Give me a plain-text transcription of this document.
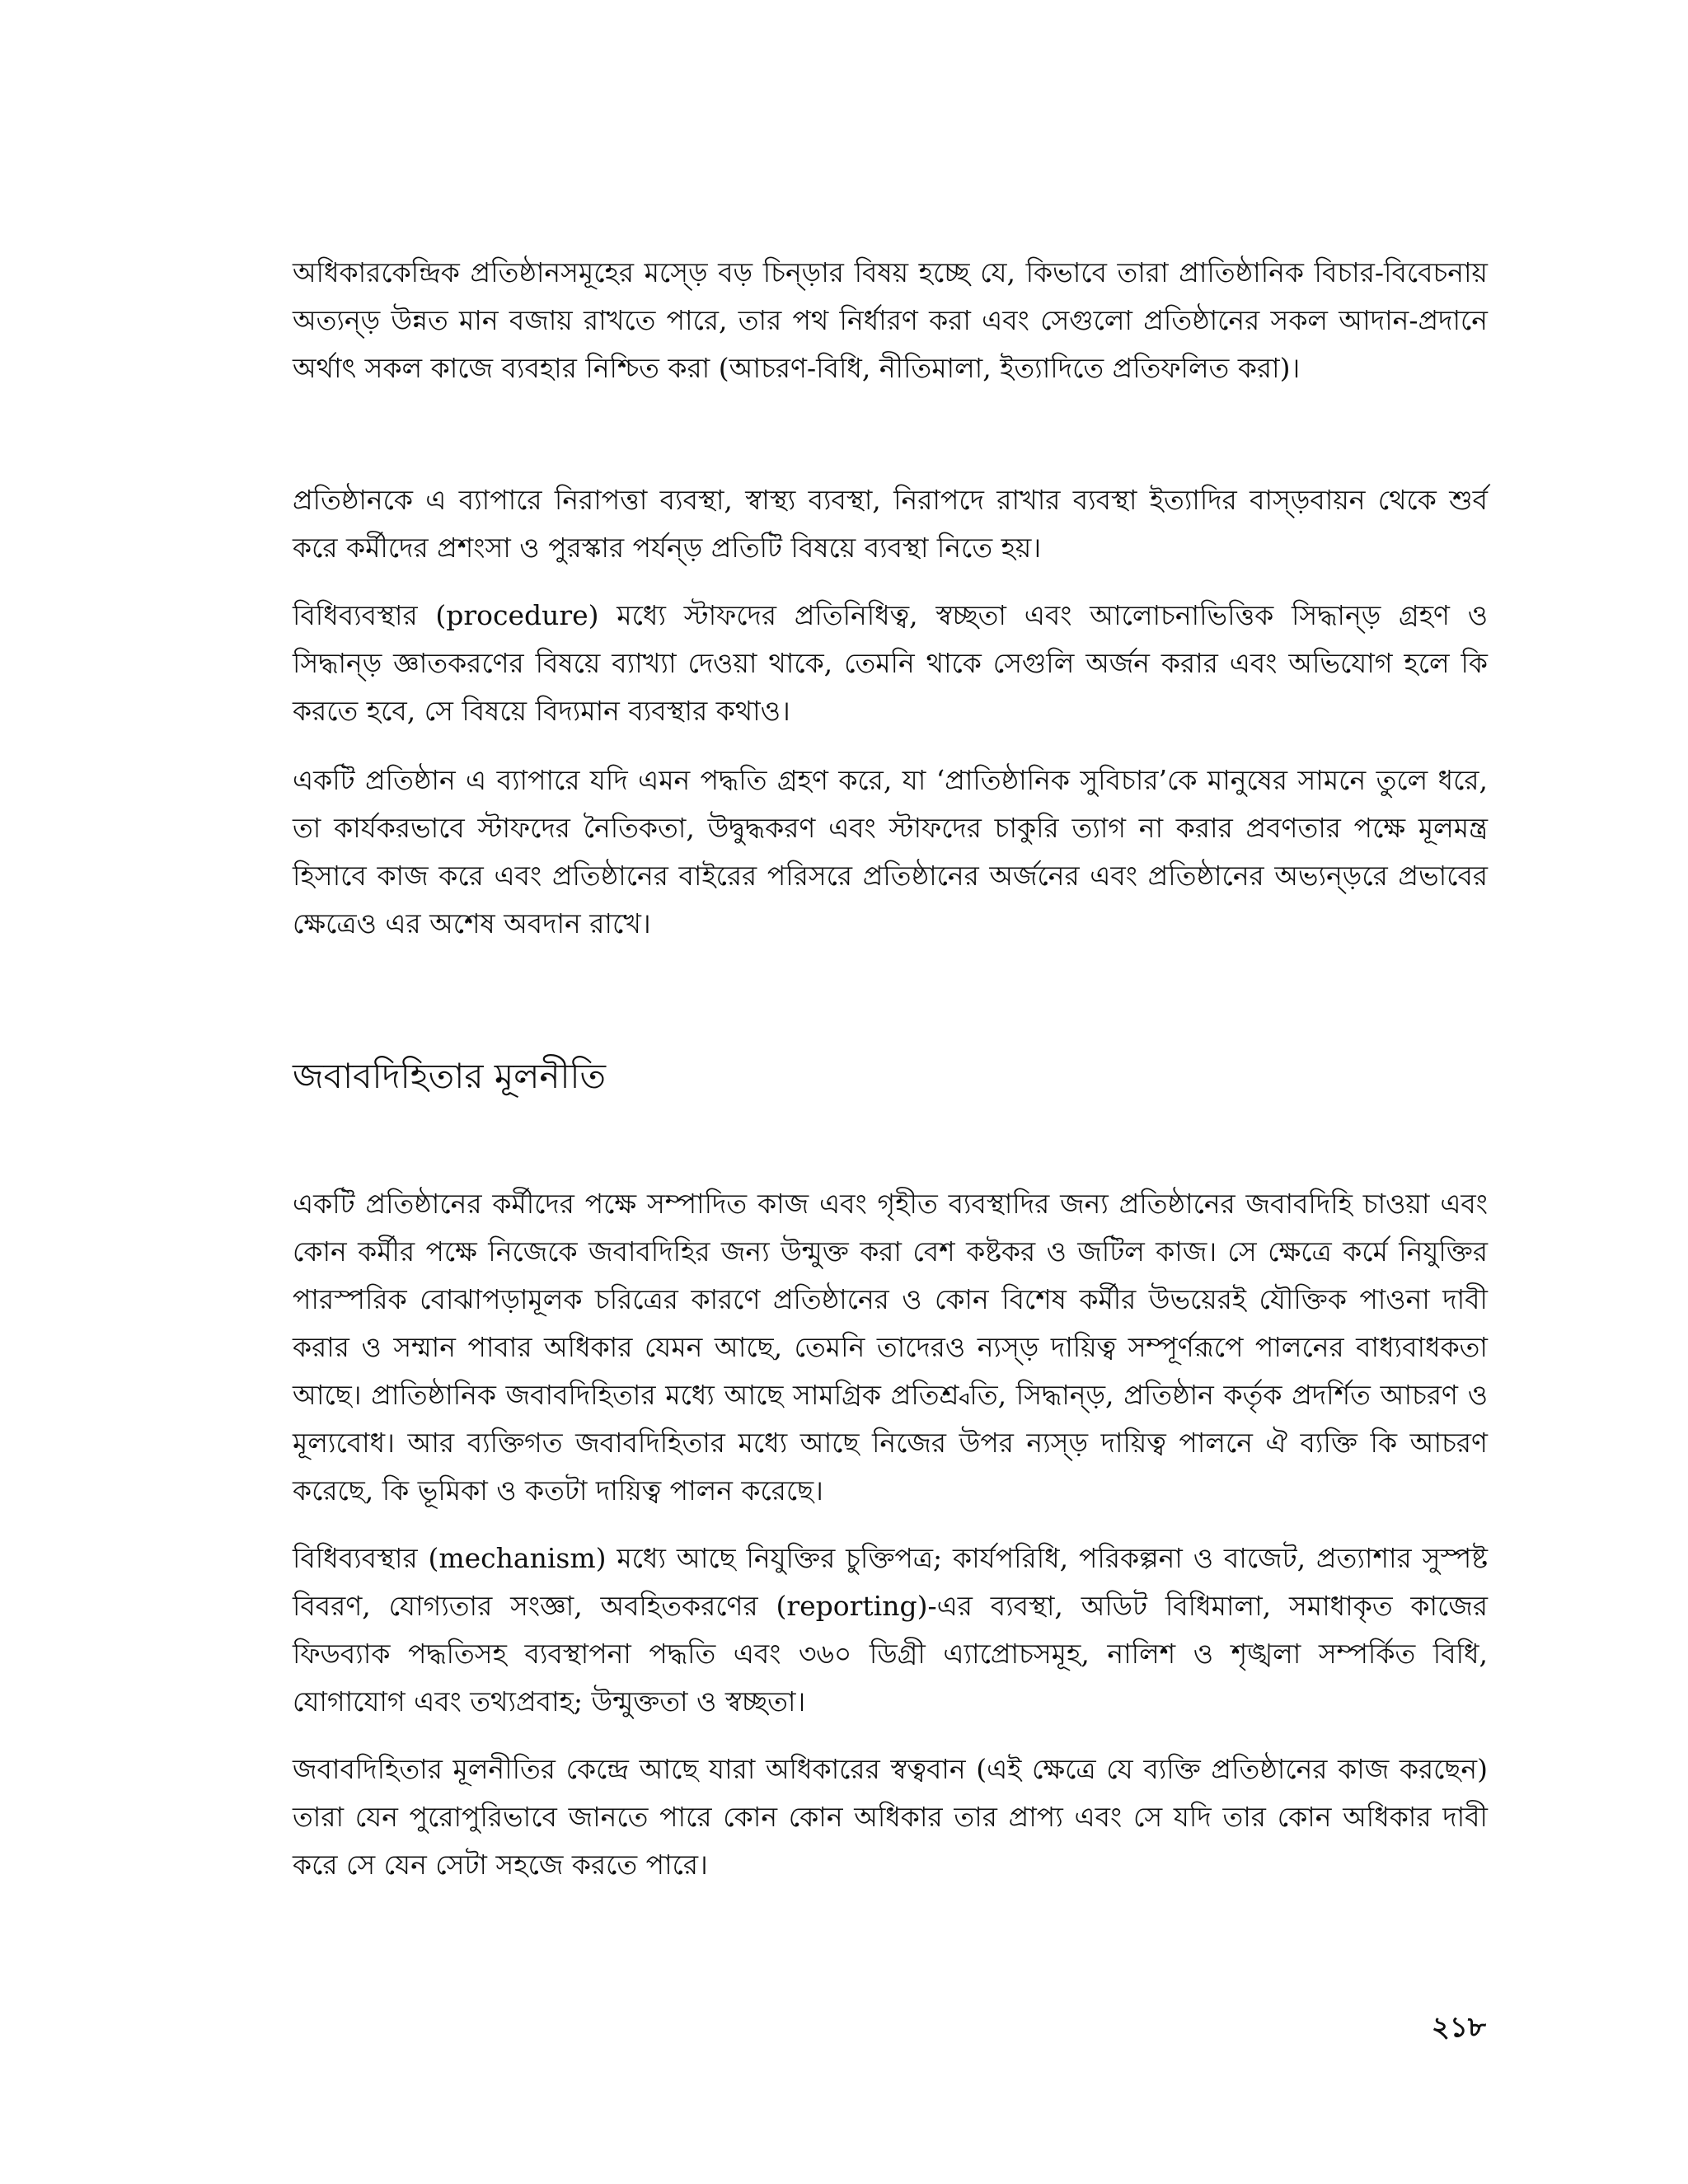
অধিকারকেন্দ্রিক প্রতিষ্ঠানসমূহের মস্ড়ে বড় চিন্ড়ার বিষয় হচ্ছে যে, কিভাবে তারা প্রাতিষ্ঠানিক বিচার-বিবেচনায় অত্যন্ড় উন্নত মান বজায় রাখতে পারে, তার পথ নির্ধারণ করা এবং সেগুলো প্রতিষ্ঠানের সকল আদান-প্রদানে অর্থাৎ সকল কাজে ব্যবহার নিশ্চিত করা (আচরণ-বিধি, নীতিমালা, ইত্যাদিতে প্রতিফলিত করা)।

প্রতিষ্ঠানকে এ ব্যাপারে নিরাপত্তা ব্যবস্থা, স্বাস্থ্য ব্যবস্থা, নিরাপদে রাখার ব্যবস্থা ইত্যাদির বাস্ড়বায়ন থেকে শুর্ব করে কর্মীদের প্রশংসা ও পুরস্কার পর্যন্ড় প্রতিটি বিষয়ে ব্যবস্থা নিতে হয়।

বিধিব্যবস্থার (procedure) মধ্যে স্টাফদের প্রতিনিধিত্ব, স্বচ্ছতা এবং আলোচনাভিত্তিক সিদ্ধান্ড় গ্রহণ ও সিদ্ধান্ড় জ্ঞাতকরণের বিষয়ে ব্যাখ্যা দেওয়া থাকে, তেমনি থাকে সেগুলি অর্জন করার এবং অভিযোগ হলে কি করতে হবে, সে বিষয়ে বিদ্যমান ব্যবস্থার কথাও।

একটি প্রতিষ্ঠান এ ব্যাপারে যদি এমন পদ্ধতি গ্রহণ করে, যা ‘প্রাতিষ্ঠানিক সুবিচার’কে মানুষের সামনে তুলে ধরে, তা কার্যকরভাবে স্টাফদের নৈতিকতা, উদ্বুদ্ধকরণ এবং স্টাফদের চাকুরি ত্যাগ না করার প্রবণতার পক্ষে মূলমন্ত্র হিসাবে কাজ করে এবং প্রতিষ্ঠানের বাইরের পরিসরে প্রতিষ্ঠানের অর্জনের এবং প্রতিষ্ঠানের অভ্যন্ড়রে প্রভাবের ক্ষেত্রেও এর অশেষ অবদান রাখে।

জবাবদিহিতার মূলনীতি

একটি প্রতিষ্ঠানের কর্মীদের পক্ষে সম্পাদিত কাজ এবং গৃহীত ব্যবস্থাদির জন্য প্রতিষ্ঠানের জবাবদিহি চাওয়া এবং কোন কর্মীর পক্ষে নিজেকে জবাবদিহির জন্য উন্মুক্ত করা বেশ কষ্টকর ও জটিল কাজ। সে ক্ষেত্রে কর্মে নিযুক্তির পারস্পরিক বোঝাপড়ামূলক চরিত্রের কারণে প্রতিষ্ঠানের ও কোন বিশেষ কর্মীর উভয়েরই যৌক্তিক পাওনা দাবী করার ও সম্মান পাবার অধিকার যেমন আছে, তেমনি তাদেরও ন্যস্ড় দায়িত্ব সম্পূর্ণরূপে পালনের বাধ্যবাধকতা আছে। প্রাতিষ্ঠানিক জবাবদিহিতার মধ্যে আছে সামগ্রিক প্রতিশ্র্বতি, সিদ্ধান্ড়, প্রতিষ্ঠান কর্তৃক প্রদর্শিত আচরণ ও মূল্যবোধ। আর ব্যক্তিগত জবাবদিহিতার মধ্যে আছে নিজের উপর ন্যস্ড় দায়িত্ব পালনে ঐ ব্যক্তি কি আচরণ করেছে, কি ভূমিকা ও কতটা দায়িত্ব পালন করেছে।

বিধিব্যবস্থার (mechanism) মধ্যে আছে নিযুক্তির চুক্তিপত্র; কার্যপরিধি, পরিকল্পনা ও বাজেট, প্রত্যাশার সুস্পষ্ট বিবরণ, যোগ্যতার সংজ্ঞা, অবহিতকরণের (reporting)-এর ব্যবস্থা, অডিট বিধিমালা, সমাধাকৃত কাজের ফিডব্যাক পদ্ধতিসহ ব্যবস্থাপনা পদ্ধতি এবং ৩৬০ ডিগ্রী এ্যাপ্রোচসমূহ, নালিশ ও শৃঙ্খলা সম্পর্কিত বিধি, যোগাযোগ এবং তথ্যপ্রবাহ; উন্মুক্ততা ও স্বচ্ছতা।

জবাবদিহিতার মূলনীতির কেন্দ্রে আছে যারা অধিকারের স্বত্ববান (এই ক্ষেত্রে যে ব্যক্তি প্রতিষ্ঠানের কাজ করছেন) তারা যেন পুরোপুরিভাবে জানতে পারে কোন কোন অধিকার তার প্রাপ্য এবং সে যদি তার কোন অধিকার দাবী করে সে যেন সেটা সহজে করতে পারে।

২১৮
